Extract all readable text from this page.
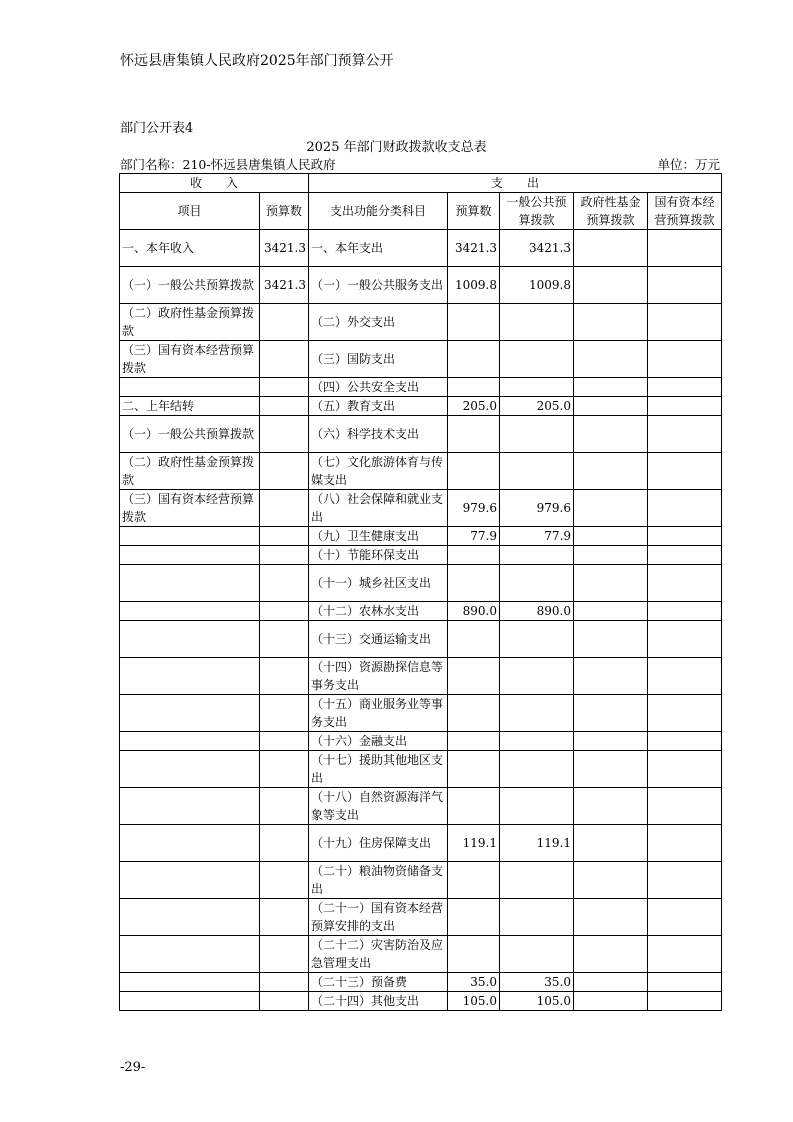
怀远县唐集镇人民政府2025年部门预算公开
部门公开表4
2025 年部门财政拨款收支总表
部门名称：210-怀远县唐集镇人民政府	单位：万元
收　　入		支　　出				
项目	预算数	支出功能分类科目	预算数	一般公共预算拨款	政府性基金预算拨款	国有资本经营预算拨款
一、本年收入	3421.3	一、本年支出	3421.3	3421.3		
（一）一般公共预算拨款	3421.3	（一）一般公共服务支出	1009.8	1009.8		
（二）政府性基金预算拨款		（二）外交支出				
（三）国有资本经营预算拨款		（三）国防支出				
		（四）公共安全支出				
二、上年结转		（五）教育支出	205.0	205.0		
（一）一般公共预算拨款		（六）科学技术支出				
（二）政府性基金预算拨款		（七）文化旅游体育与传媒支出				
（三）国有资本经营预算拨款		（八）社会保障和就业支出	979.6	979.6		
		（九）卫生健康支出	77.9	77.9		
		（十）节能环保支出				
		（十一）城乡社区支出				
		（十二）农林水支出	890.0	890.0		
		（十三）交通运输支出				
		（十四）资源勘探信息等事务支出				
		（十五）商业服务业等事务支出				
		（十六）金融支出				
		（十七）援助其他地区支出				
		（十八）自然资源海洋气象等支出				
		（十九）住房保障支出	119.1	119.1		
		（二十）粮油物资储备支出				
		（二十一）国有资本经营预算安排的支出				
		（二十二）灾害防治及应急管理支出				
		（二十三）预备费	35.0	35.0		
		（二十四）其他支出	105.0	105.0		
-29-
